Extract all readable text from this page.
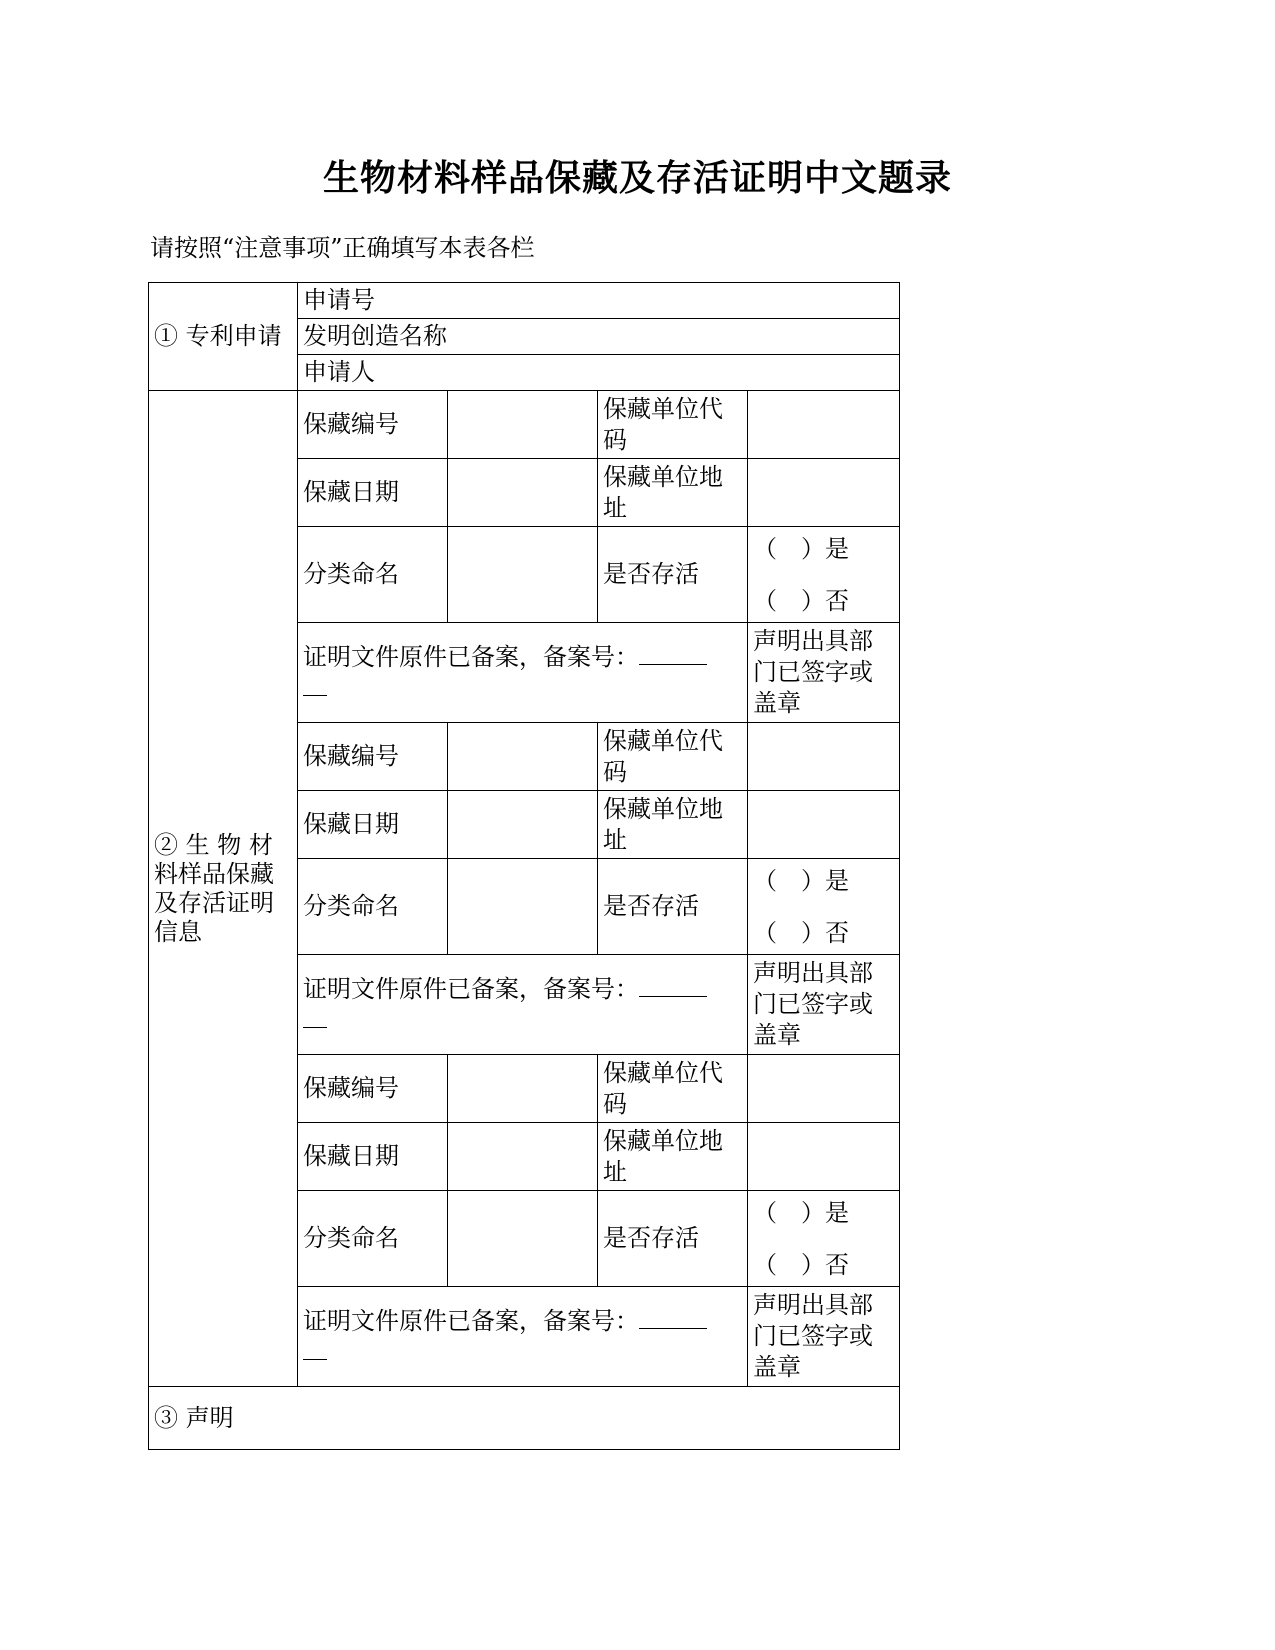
生物材料样品保藏及存活证明中文题录
请按照“注意事项”正确填写本表各栏
① 专利申请	申请号			
	发明创造名称			
	申请人			

② 生 物 材
料样品保藏
及存活证明
信息	保藏编号		保藏单位代码	
	保藏日期		保藏单位地址	
	分类命名		是否存活	（　）是
（　）否

	证明文件原件已备案，备案号：			声明出具部门已签字或盖章
	保藏编号		保藏单位代码	
	保藏日期		保藏单位地址	
	分类命名		是否存活	（　）是
（　）否

	证明文件原件已备案，备案号：			声明出具部门已签字或盖章
	保藏编号		保藏单位代码	
	保藏日期		保藏单位地址	
	分类命名		是否存活	（　）是
（　）否

	证明文件原件已备案，备案号：			声明出具部门已签字或盖章
③ 声明				
